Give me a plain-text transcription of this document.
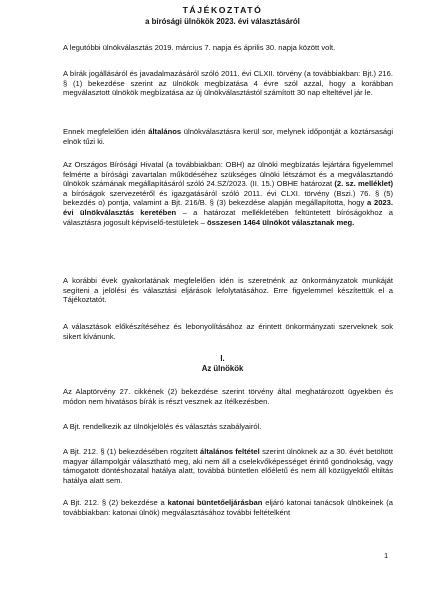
TÁJÉKOZTATÓ
a bírósági ülnökök 2023. évi választásáról

A legutóbbi ülnökválasztás 2019. március 7. napja és április 30. napja között volt.

A bírák jogállásáról és javadalmazásáról szóló 2011. évi CLXII. törvény (a továbbiakban: Bjt.) 216. § (1) bekezdése szerint az ülnökök megbízatása 4 évre szól azzal, hogy a korábban megválasztott ülnökök megbízatása az új ülnökválasztástól számított 30 nap elteltével jár le.

Ennek megfelelően idén általános ülnökválasztásra kerül sor, melynek időpontját a köztársasági elnök tűzi ki.

Az Országos Bírósági Hivatal (a továbbiakban: OBH) az ülnöki megbízatás lejártára figyelemmel felmérte a bírósági zavartalan működéséhez szükséges ülnöki létszámot és a megválasztandó ülnökök számának megállapításáról szóló 24.SZ/2023. (II. 15.) OBHE határozat (2. sz. melléklet) a bíróságok szervezetéről és igazgatásáról szóló 2011. évi CLXI. törvény (Bszi.) 76. § (5) bekezdés o) pontja, valamint a Bjt. 216/B. § (3) bekezdése alapján megállapította, hogy a 2023. évi ülnökválasztás keretében – a határozat mellékletében feltüntetett bíróságokhoz a választásra jogosult képviselő-testületek – összesen 1464 ülnököt választanak meg.

A korábbi évek gyakorlatának megfelelően idén is szeretnénk az önkormányzatok munkáját segíteni a jelölési és választási eljárások lefolytatásához. Erre figyelemmel készítettük el a Tájékoztatót.

A választások előkészítéséhez és lebonyolításához az érintett önkormányzati szerveknek sok sikert kívánunk.

I.
Az ülnökök

Az Alaptörvény 27. cikkének (2) bekezdése szerint törvény által meghatározott ügyekben és módon nem hivatásos bírák is részt vesznek az ítélkezésben.

A Bjt. rendelkezik az ülnökjelölés és választás szabályairól.

A Bjt. 212. § (1) bekezdésében rögzített általános feltétel szerint ülnöknek az a 30. évét betöltött magyar állampolgár választható meg, aki nem áll a cselekvőképességet érintő gondnokság, vagy támogatott döntéshozatal hatálya alatt, továbbá büntetlen előéletű és nem áll közügyektől eltiltás hatálya alatt sem.

A Bjt. 212. § (2) bekezdése a katonai büntetőeljárásban eljáró katonai tanácsok ülnökeinek (a továbbiakban: katonai ülnök) megválasztásához további feltételként

1
